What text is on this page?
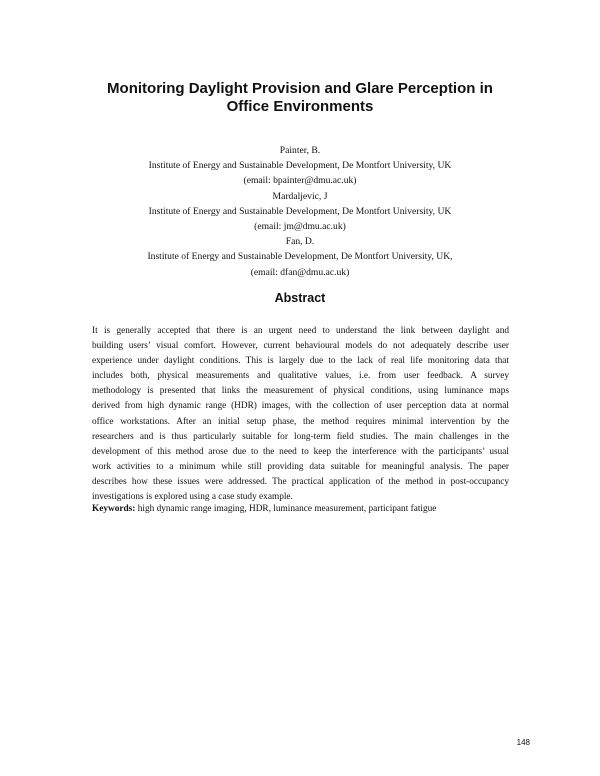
Monitoring Daylight Provision and Glare Perception in
Office Environments
Painter, B.
Institute of Energy and Sustainable Development, De Montfort University, UK
(email: bpainter@dmu.ac.uk)
Mardaljevic, J
Institute of Energy and Sustainable Development, De Montfort University, UK
(email: jm@dmu.ac.uk)
Fan, D.
Institute of Energy and Sustainable Development, De Montfort University, UK,
(email: dfan@dmu.ac.uk)
Abstract
It is generally accepted that there is an urgent need to understand the link between daylight and
building users’ visual comfort. However, current behavioural models do not adequately describe user
experience under daylight conditions. This is largely due to the lack of real life monitoring data that
includes both, physical measurements and qualitative values, i.e. from user feedback. A survey
methodology is presented that links the measurement of physical conditions, using luminance maps
derived from high dynamic range (HDR) images, with the collection of user perception data at normal
office workstations. After an initial setup phase, the method requires minimal intervention by the
researchers and is thus particularly suitable for long-term field studies. The main challenges in the
development of this method arose due to the need to keep the interference with the participants’ usual
work activities to a minimum while still providing data suitable for meaningful analysis. The paper
describes how these issues were addressed. The practical application of the method in post-occupancy
investigations is explored using a case study example.
Keywords: high dynamic range imaging, HDR, luminance measurement, participant fatigue
148
